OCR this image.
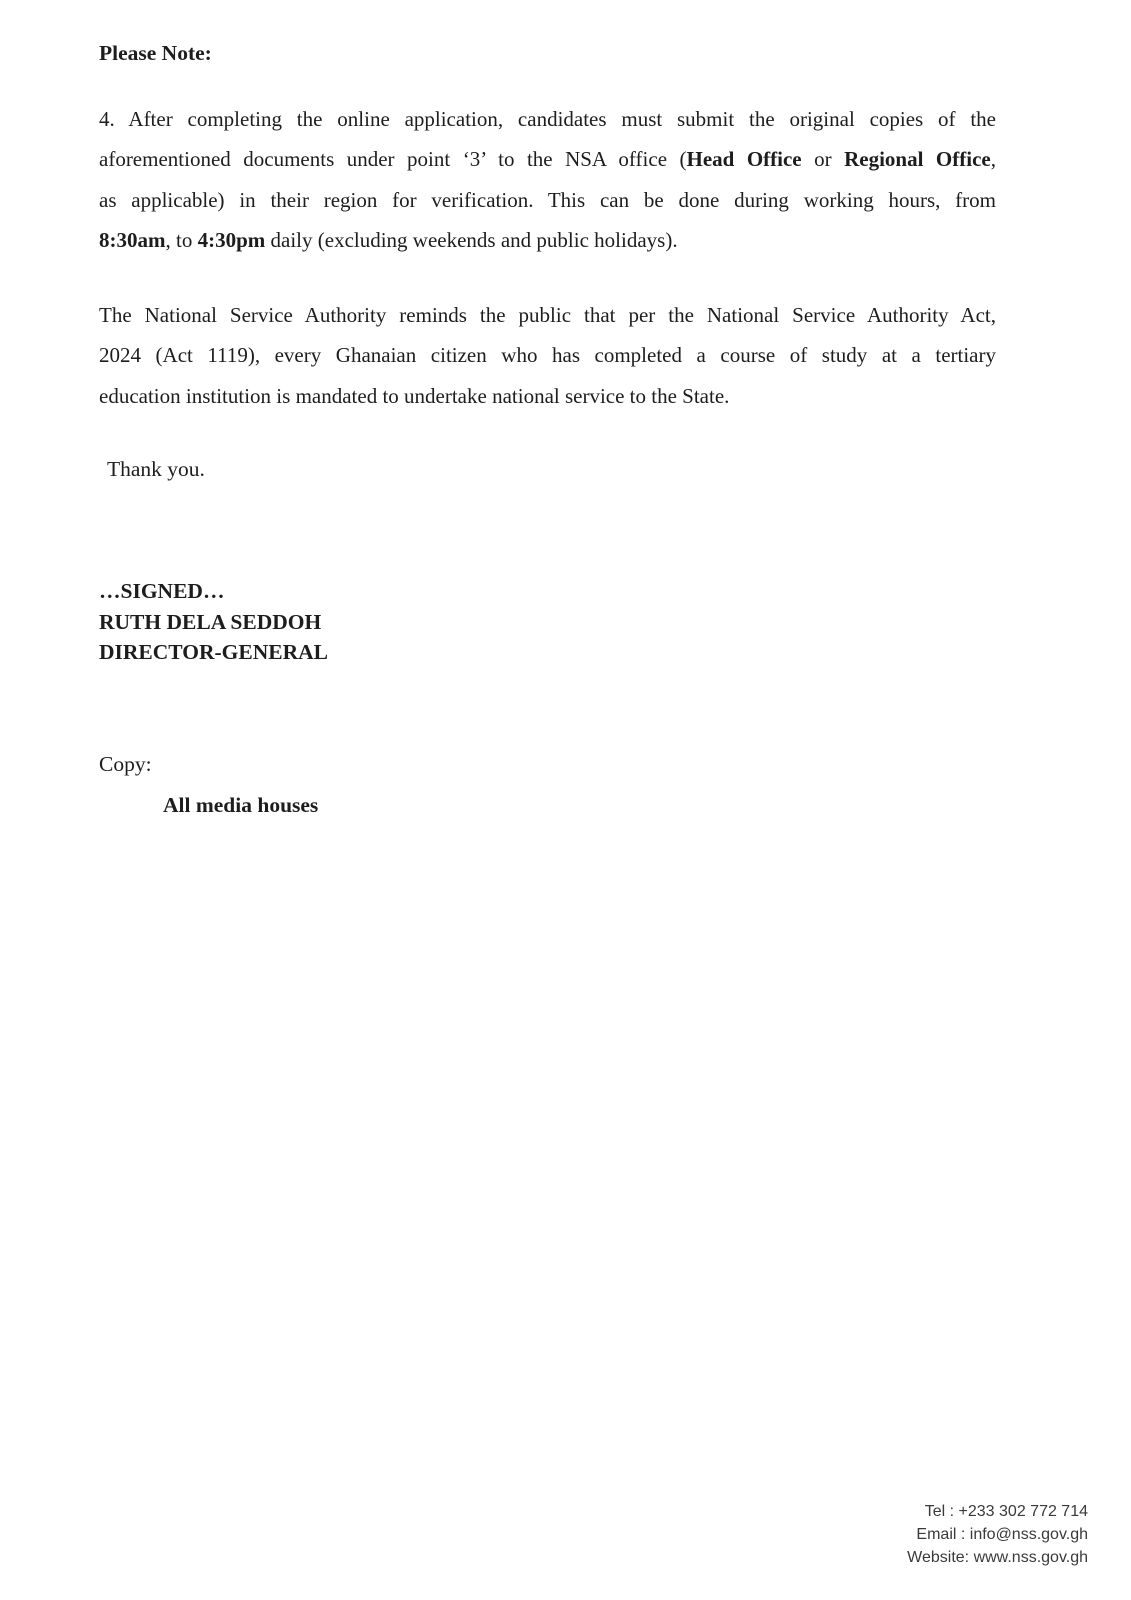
Please Note:
4. After completing the online application, candidates must submit the original copies of the
aforementioned documents under point ‘3’ to the NSA office (Head Office or Regional Office,
as applicable) in their region for verification. This can be done during working hours, from
8:30am, to 4:30pm daily (excluding weekends and public holidays).
The National Service Authority reminds the public that per the National Service Authority Act,
2024 (Act 1119), every Ghanaian citizen who has completed a course of study at a tertiary
education institution is mandated to undertake national service to the State.
Thank you.
…SIGNED…
RUTH DELA SEDDOH
DIRECTOR-GENERAL
Copy:
All media houses
Tel : +233 302 772 714
Email : info@nss.gov.gh
Website: www.nss.gov.gh
